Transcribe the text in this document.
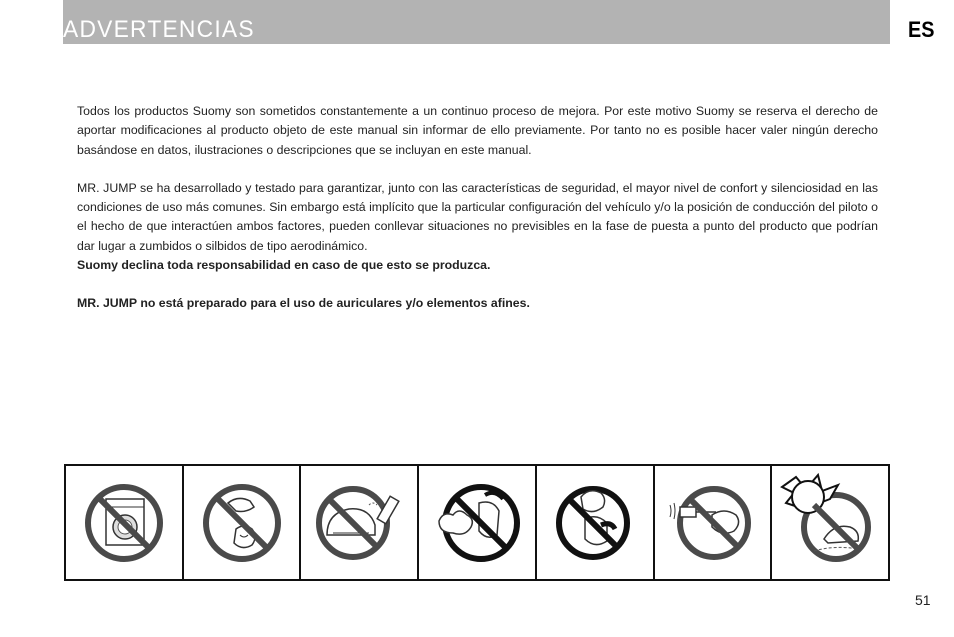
ADVERTENCIAS	ES

Todos los productos Suomy son sometidos constantemente a un continuo proceso de mejora. Por este motivo Suomy se reserva el derecho de aportar modificaciones al producto objeto de este manual sin informar de ello previamente. Por tanto no es posible hacer valer ningún derecho basándose en datos, ilustraciones o descripciones que se incluyan en este manual.

MR. JUMP se ha desarrollado y testado para garantizar, junto con las características de seguridad, el mayor nivel de confort y silenciosidad en las condiciones de uso más comunes. Sin embargo está implícito que la particular configuración del vehículo y/o la posición de conducción del piloto o el hecho de que interactúen ambos factores, pueden conllevar situaciones no previsibles en la fase de puesta a punto del producto que podrían dar lugar a zumbidos o silbidos de tipo aerodinámico.

Suomy declina toda responsabilidad en caso de que esto se produzca.

MR. JUMP no está preparado para el uso de auriculares y/o elementos afines.

51
